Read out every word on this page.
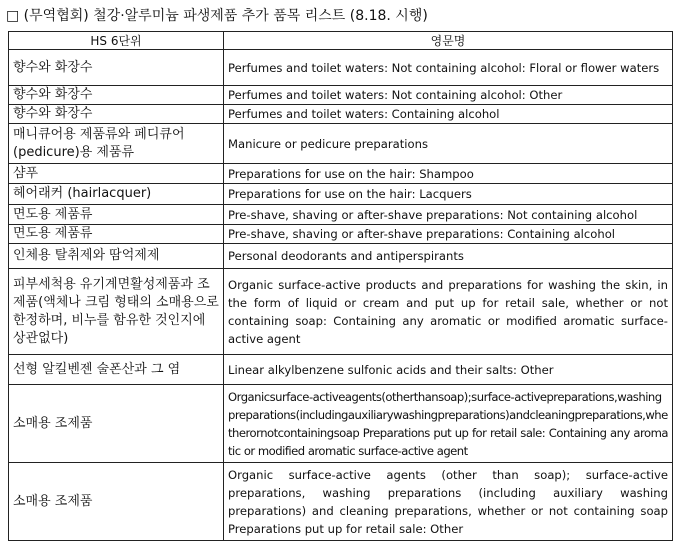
□ (무역협회) 철강·알루미늄 파생제품 추가 품목 리스트 (8.18. 시행)
HS 6단위	영문명
향수와 화장수	Perfumes and toilet waters: Not containing alcohol: Floral or flower waters
향수와 화장수	Perfumes and toilet waters: Not containing alcohol: Other
향수와 화장수	Perfumes and toilet waters: Containing alcohol
매니큐어용 제품류와 페디큐어(pedicure)용 제품류	Manicure or pedicure preparations
샴푸	Preparations for use on the hair: Shampoo
헤어래커 (hairlacquer)	Preparations for use on the hair: Lacquers
면도용 제품류	Pre-shave, shaving or after-shave preparations: Not containing alcohol
면도용 제품류	Pre-shave, shaving or after-shave preparations: Containing alcohol
인체용 탈취제와 땀억제제	Personal deodorants and antiperspirants
피부세척용 유기계면활성제품과 조제품(액체나 크림 형태의 소매용으로 한정하며, 비누를 함유한 것인지에 상관없다)	Organic surface-active products and preparations for washing the skin, in the form of liquid or cream and put up for retail sale, whether or not containing soap: Containing any aromatic or modified aromatic surface-active agent
선형 알킬벤젠 술폰산과 그 염	Linear alkylbenzene sulfonic acids and their salts: Other
소매용 조제품	Organicsurface-activeagents(otherthansoap);surface-activepreparations,washingpreparations(includingauxiliarywashingpreparations)andcleaningpreparations,whetherornotcontainingsoap Preparations put up for retail sale: Containing any aromatic or modified aromatic surface-active agent
소매용 조제품	Organic surface-active agents (other than soap); surface-active preparations, washing preparations (including auxiliary washing preparations) and cleaning preparations, whether or not containing soap Preparations put up for retail sale: Other
